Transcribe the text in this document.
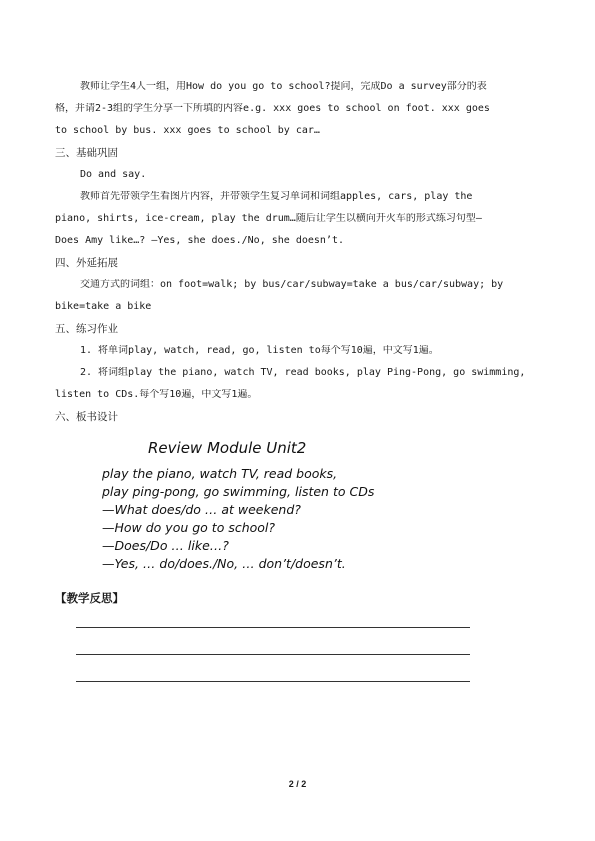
教师让学生4人一组，用How do you go to school?提问，完成Do a survey部分的表
格，并请2-3组的学生分享一下所填的内容e.g. xxx goes to school on foot. xxx goes
to school by bus. xxx goes to school by car…
三、基础巩固
Do and say.
教师首先带领学生看图片内容，并带领学生复习单词和词组apples, cars, play the
piano, shirts, ice-cream, play the drum…随后让学生以横向开火车的形式练习句型—
Does Amy like…? —Yes, she does./No, she doesn’t.
四、外延拓展
交通方式的词组：on foot=walk; by bus/car/subway=take a bus/car/subway; by
bike=take a bike
五、练习作业
1. 将单词play, watch, read, go, listen to每个写10遍，中文写1遍。
2. 将词组play the piano, watch TV, read books, play Ping-Pong, go swimming,
listen to CDs.每个写10遍，中文写1遍。
六、板书设计
Review Module Unit2
play the piano, watch TV, read books,
play ping-pong, go swimming, listen to CDs
—What does/do … at weekend?
—How do you go to school?
—Does/Do … like…?
—Yes, … do/does./No, … don’t/doesn’t.
【教学反思】
2 / 2
